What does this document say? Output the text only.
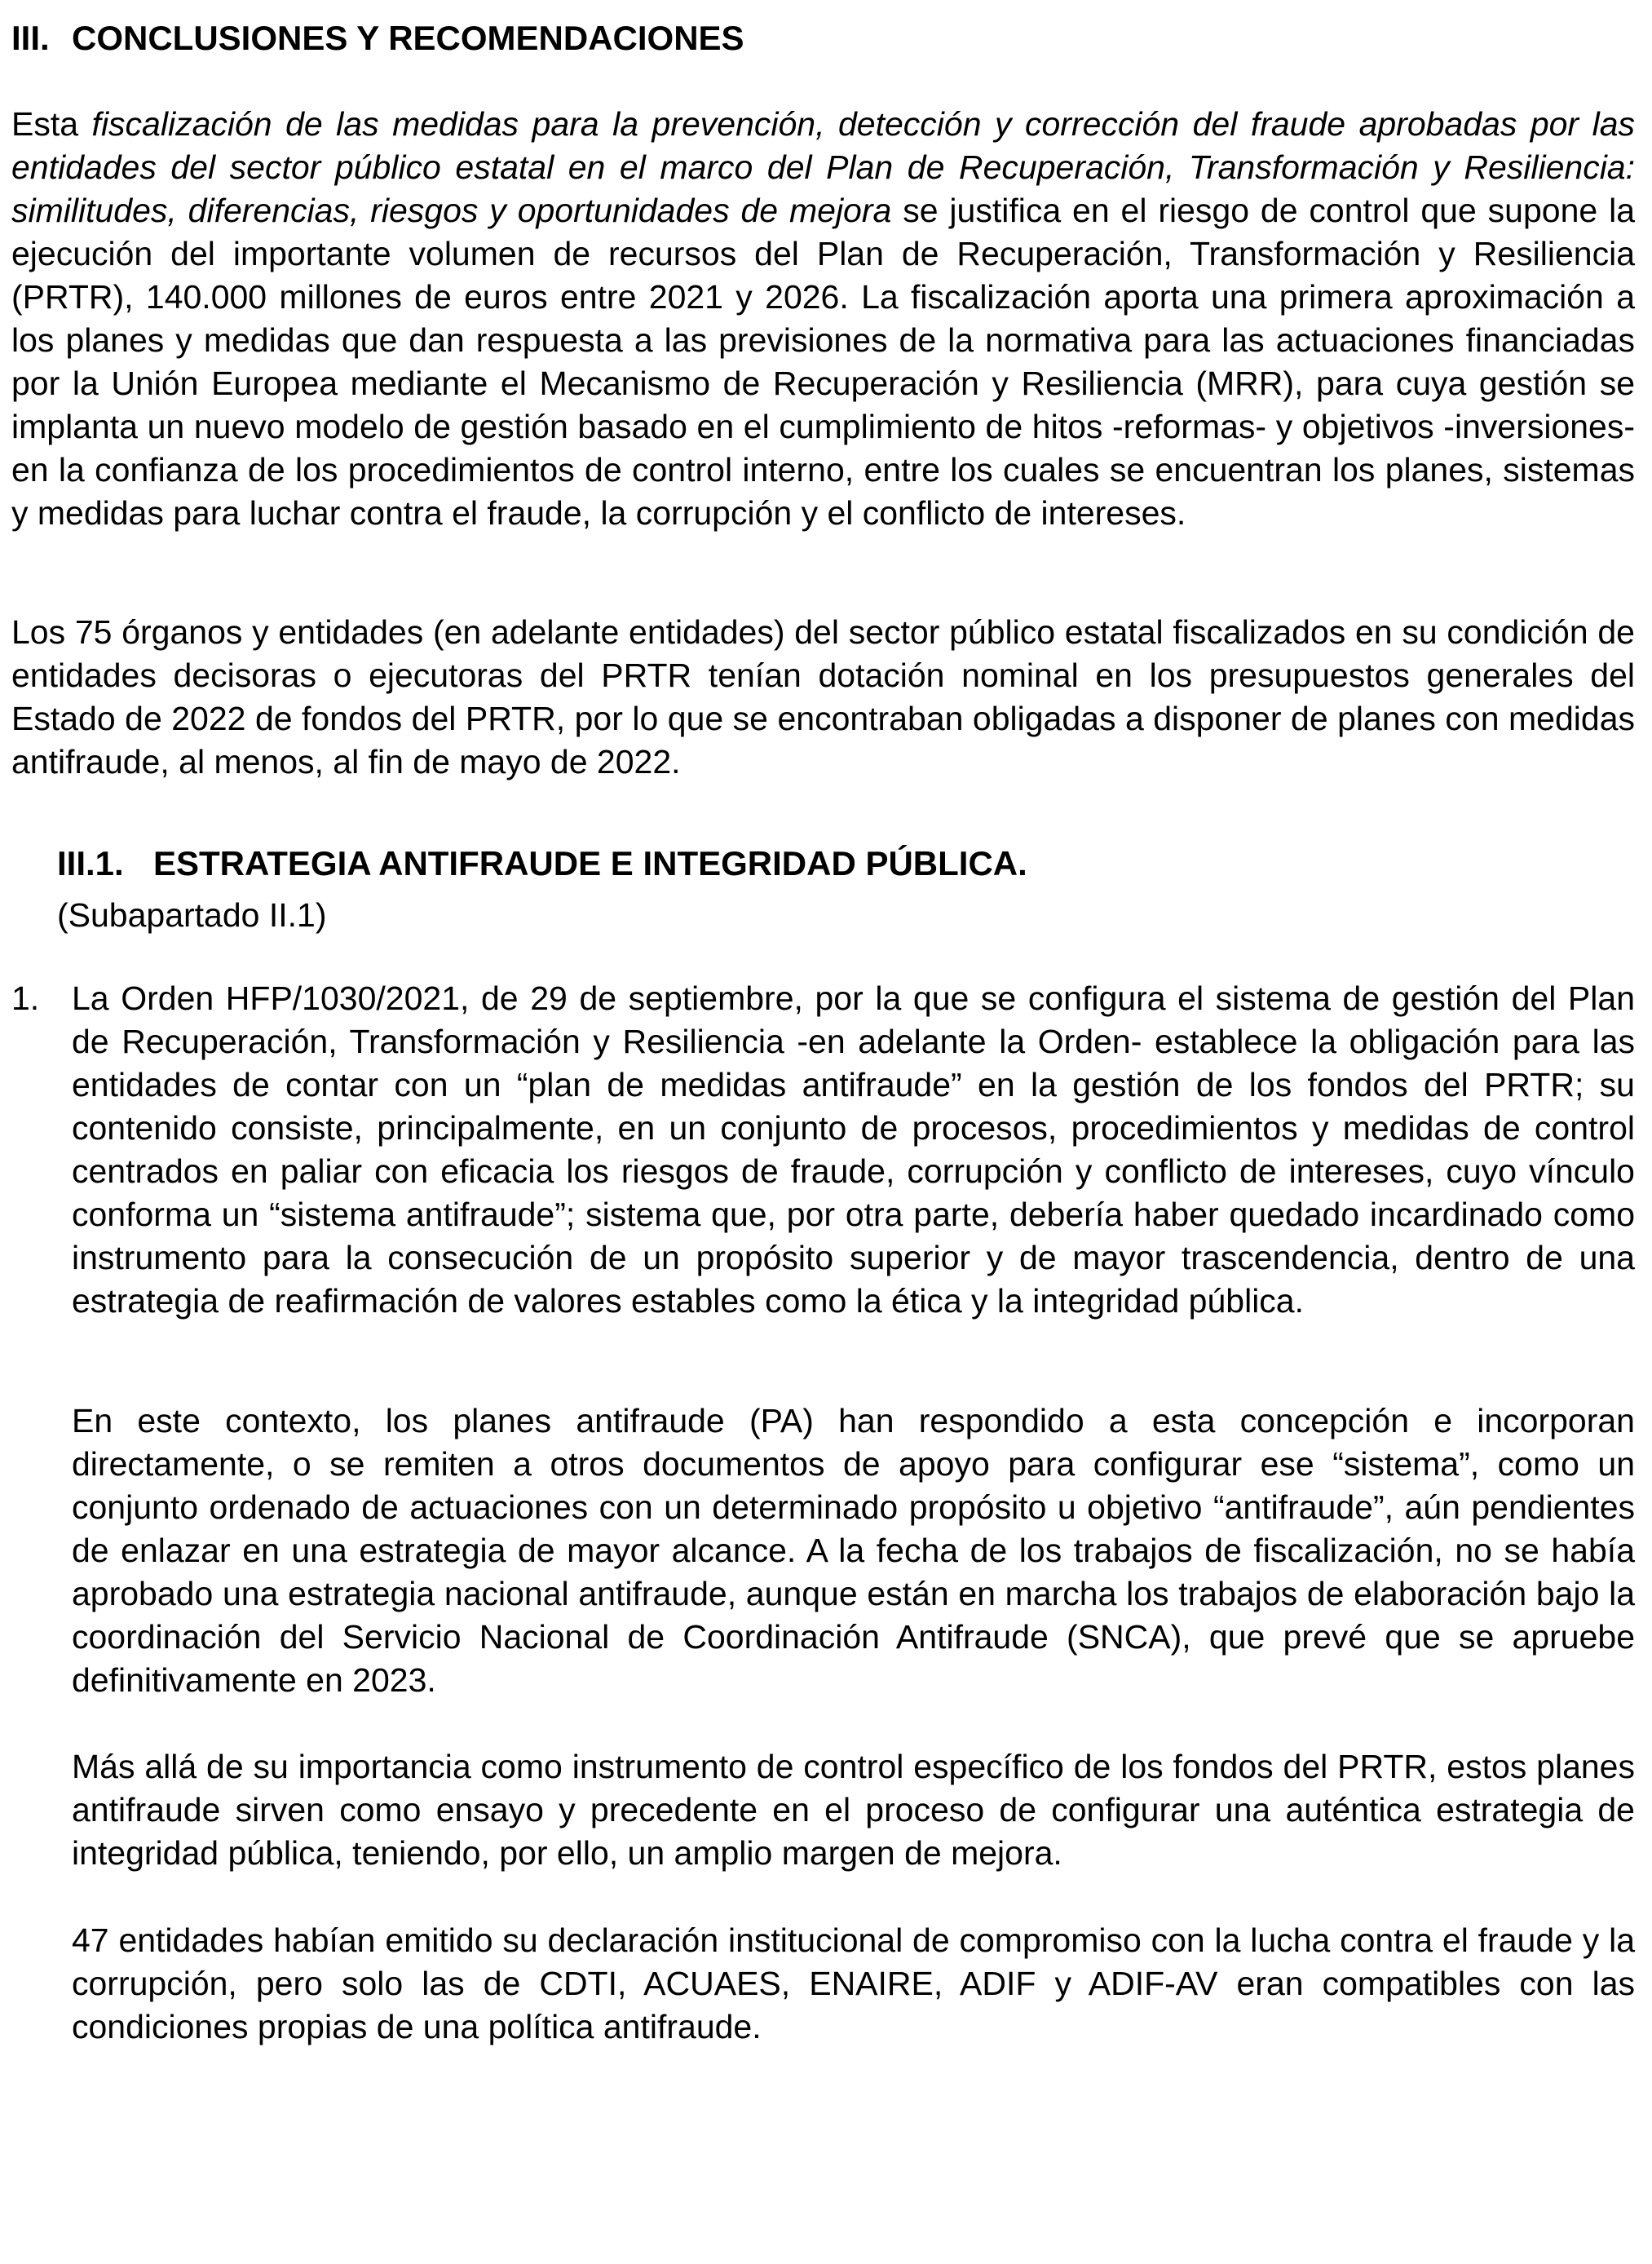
III. CONCLUSIONES Y RECOMENDACIONES

Esta fiscalización de las medidas para la prevención, detección y corrección del fraude aprobadas por las entidades del sector público estatal en el marco del Plan de Recuperación, Transformación y Resiliencia: similitudes, diferencias, riesgos y oportunidades de mejora se justifica en el riesgo de control que supone la ejecución del importante volumen de recursos del Plan de Recuperación, Transformación y Resiliencia (PRTR), 140.000 millones de euros entre 2021 y 2026. La fiscalización aporta una primera aproximación a los planes y medidas que dan respuesta a las previsiones de la normativa para las actuaciones financiadas por la Unión Europea mediante el Mecanismo de Recuperación y Resiliencia (MRR), para cuya gestión se implanta un nuevo modelo de gestión basado en el cumplimiento de hitos -reformas- y objetivos -inversiones- en la confianza de los procedimientos de control interno, entre los cuales se encuentran los planes, sistemas y medidas para luchar contra el fraude, la corrupción y el conflicto de intereses.

Los 75 órganos y entidades (en adelante entidades) del sector público estatal fiscalizados en su condición de entidades decisoras o ejecutoras del PRTR tenían dotación nominal en los presupuestos generales del Estado de 2022 de fondos del PRTR, por lo que se encontraban obligadas a disponer de planes con medidas antifraude, al menos, al fin de mayo de 2022.

III.1. ESTRATEGIA ANTIFRAUDE E INTEGRIDAD PÚBLICA.
(Subapartado II.1)
1. La Orden HFP/1030/2021, de 29 de septiembre, por la que se configura el sistema de gestión del Plan de Recuperación, Transformación y Resiliencia -en adelante la Orden- establece la obligación para las entidades de contar con un “plan de medidas antifraude” en la gestión de los fondos del PRTR; su contenido consiste, principalmente, en un conjunto de procesos, procedimientos y medidas de control centrados en paliar con eficacia los riesgos de fraude, corrupción y conflicto de intereses, cuyo vínculo conforma un “sistema antifraude”; sistema que, por otra parte, debería haber quedado incardinado como instrumento para la consecución de un propósito superior y de mayor trascendencia, dentro de una estrategia de reafirmación de valores estables como la ética y la integridad pública.

En este contexto, los planes antifraude (PA) han respondido a esta concepción e incorporan directamente, o se remiten a otros documentos de apoyo para configurar ese “sistema”, como un conjunto ordenado de actuaciones con un determinado propósito u objetivo “antifraude”, aún pendientes de enlazar en una estrategia de mayor alcance. A la fecha de los trabajos de fiscalización, no se había aprobado una estrategia nacional antifraude, aunque están en marcha los trabajos de elaboración bajo la coordinación del Servicio Nacional de Coordinación Antifraude (SNCA), que prevé que se apruebe definitivamente en 2023.

Más allá de su importancia como instrumento de control específico de los fondos del PRTR, estos planes antifraude sirven como ensayo y precedente en el proceso de configurar una auténtica estrategia de integridad pública, teniendo, por ello, un amplio margen de mejora.

47 entidades habían emitido su declaración institucional de compromiso con la lucha contra el fraude y la corrupción, pero solo las de CDTI, ACUAES, ENAIRE, ADIF y ADIF-AV eran compatibles con las condiciones propias de una política antifraude.
